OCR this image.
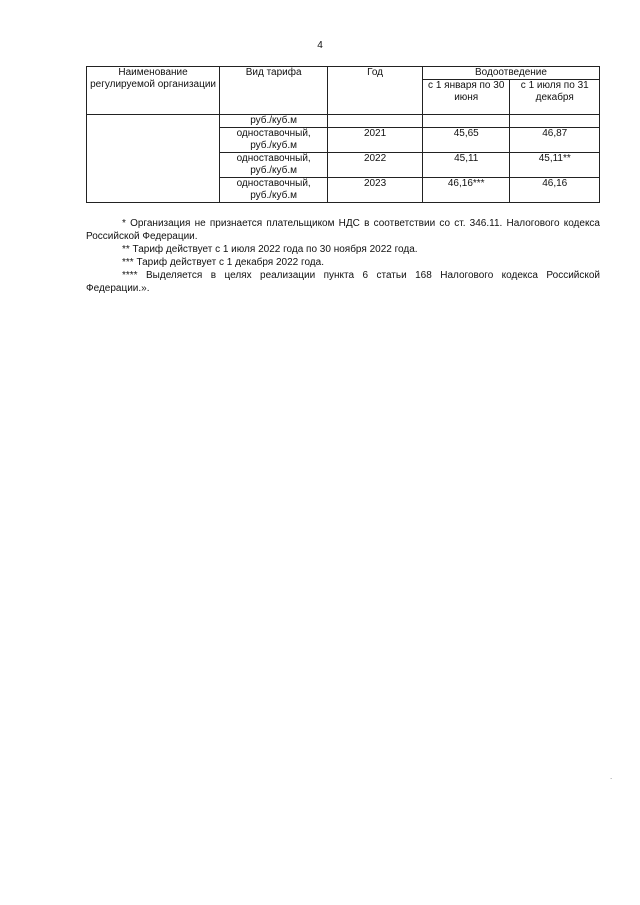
4
Наименование регулируемой организации	Вид тарифа	Год	Водоотведение	
			с 1 января по 30 июня	с 1 июля по 31 декабря
	руб./куб.м			
	одноставочный,
руб./куб.м	2021	45,65	46,87
	одноставочный,
руб./куб.м	2022	45,11	45,11**
	одноставочный,
руб./куб.м	2023	46,16***	46,16

* Организация не признается плательщиком НДС в соответствии со ст. 346.11. Налогового кодекса Российской Федерации.

** Тариф действует с 1 июля 2022 года по 30 ноября 2022 года.

*** Тариф действует с 1 декабря 2022 года.

**** Выделяется в целях реализации пункта 6 статьи 168 Налогового кодекса Российской Федерации.».

.
